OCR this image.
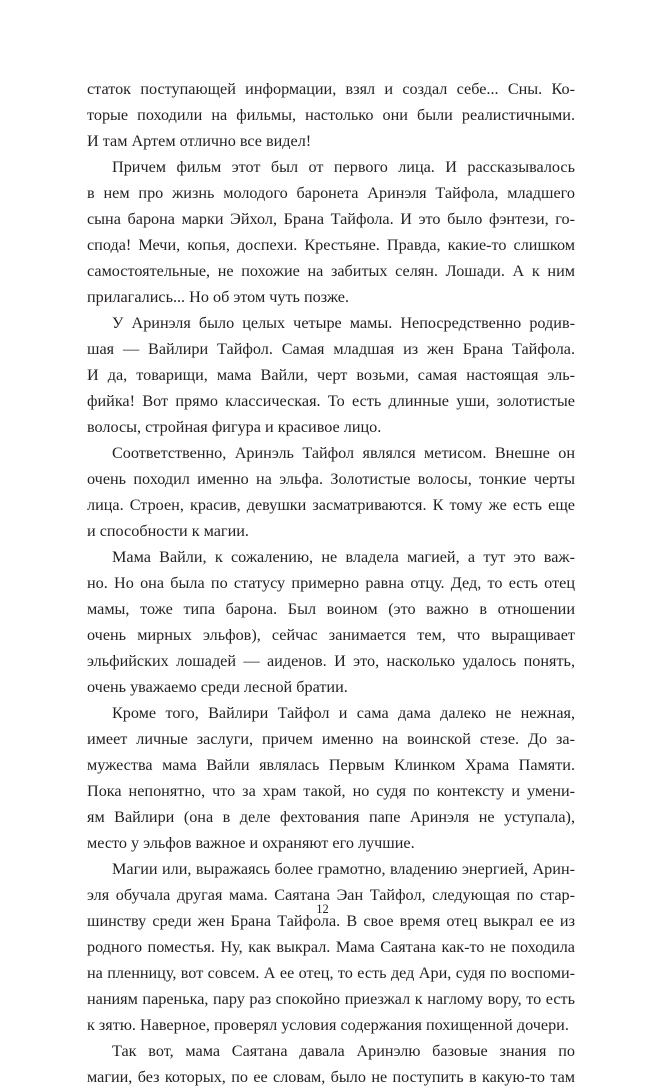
статок поступающей информации, взял и создал себе... Сны. Ко-
торые походили на фильмы, настолько они были реалистичными.
И там Артем отлично все видел!
Причем фильм этот был от первого лица. И рассказывалось
в нем про жизнь молодого баронета Аринэля Тайфола, младшего
сына барона марки Эйхол, Брана Тайфола. И это было фэнтези, го-
спода! Мечи, копья, доспехи. Крестьяне. Правда, какие-то слишком
самостоятельные, не похожие на забитых селян. Лошади. А к ним
прилагались... Но об этом чуть позже.
У Аринэля было целых четыре мамы. Непосредственно родив-
шая — Вайлири Тайфол. Самая младшая из жен Брана Тайфола.
И да, товарищи, мама Вайли, черт возьми, самая настоящая эль-
фийка! Вот прямо классическая. То есть длинные уши, золотистые
волосы, стройная фигура и красивое лицо.
Соответственно, Аринэль Тайфол являлся метисом. Внешне он
очень походил именно на эльфа. Золотистые волосы, тонкие черты
лица. Строен, красив, девушки засматриваются. К тому же есть еще
и способности к магии.
Мама Вайли, к сожалению, не владела магией, а тут это важ-
но. Но она была по статусу примерно равна отцу. Дед, то есть отец
мамы, тоже типа барона. Был воином (это важно в отношении
очень мирных эльфов), сейчас занимается тем, что выращивает
эльфийских лошадей — аиденов. И это, насколько удалось понять,
очень уважаемо среди лесной братии.
Кроме того, Вайлири Тайфол и сама дама далеко не нежная,
имеет личные заслуги, причем именно на воинской стезе. До за-
мужества мама Вайли являлась Первым Клинком Храма Памяти.
Пока непонятно, что за храм такой, но судя по контексту и умени-
ям Вайлири (она в деле фехтования папе Аринэля не уступала),
место у эльфов важное и охраняют его лучшие.
Магии или, выражаясь более грамотно, владению энергией, Арин-
эля обучала другая мама. Саятана Эан Тайфол, следующая по стар-
шинству среди жен Брана Тайфола. В свое время отец выкрал ее из
родного поместья. Ну, как выкрал. Мама Саятана как-то не походила
на пленницу, вот совсем. А ее отец, то есть дед Ари, судя по воспоми-
наниям паренька, пару раз спокойно приезжал к наглому вору, то есть
к зятю. Наверное, проверял условия содержания похищенной дочери.
Так вот, мама Саятана давала Аринэлю базовые знания по
магии, без которых, по ее словам, было не поступить в какую-то там
12
